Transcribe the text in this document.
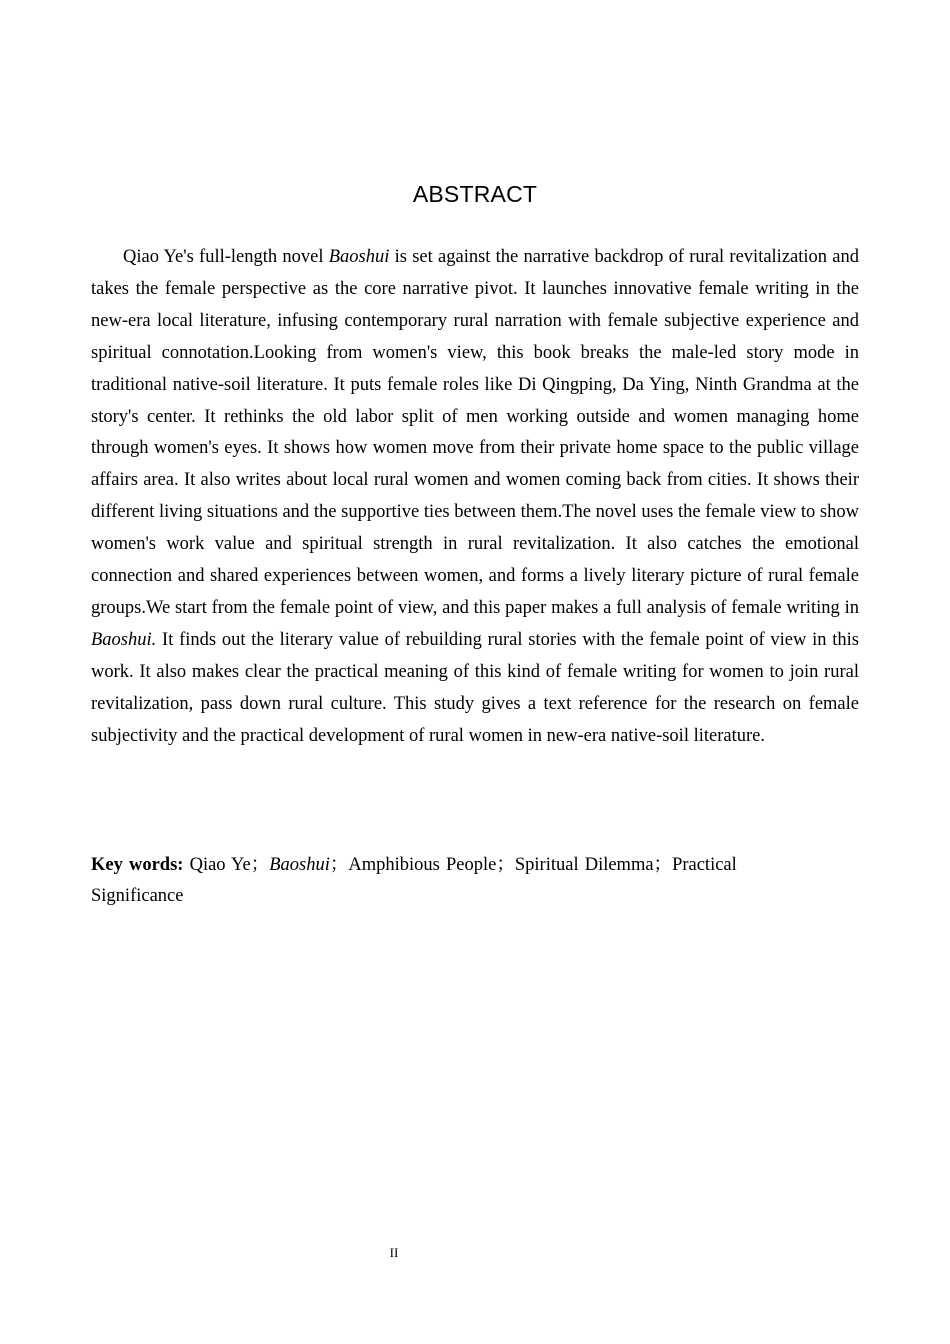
ABSTRACT

Qiao Ye's full-length novel Baoshui is set against the narrative backdrop of rural revitalization and takes the female perspective as the core narrative pivot. It launches innovative female writing in the new-era local literature, infusing contemporary rural narration with female subjective experience and spiritual connotation.Looking from women's view, this book breaks the male-led story mode in traditional native-soil literature. It puts female roles like Di Qingping, Da Ying, Ninth Grandma at the story's center. It rethinks the old labor split of men working outside and women managing home through women's eyes. It shows how women move from their private home space to the public village affairs area. It also writes about local rural women and women coming back from cities. It shows their different living situations and the supportive ties between them.The novel uses the female view to show women's work value and spiritual strength in rural revitalization. It also catches the emotional connection and shared experiences between women, and forms a lively literary picture of rural female groups.We start from the female point of view, and this paper makes a full analysis of female writing in Baoshui. It finds out the literary value of rebuilding rural stories with the female point of view in this work. It also makes clear the practical meaning of this kind of female writing for women to join rural revitalization, pass down rural culture. This study gives a text reference for the research on female subjectivity and the practical development of rural women in new-era native-soil literature.

Key words: Qiao Ye；Baoshui；Amphibious People；Spiritual Dilemma；Practical Significance

II
